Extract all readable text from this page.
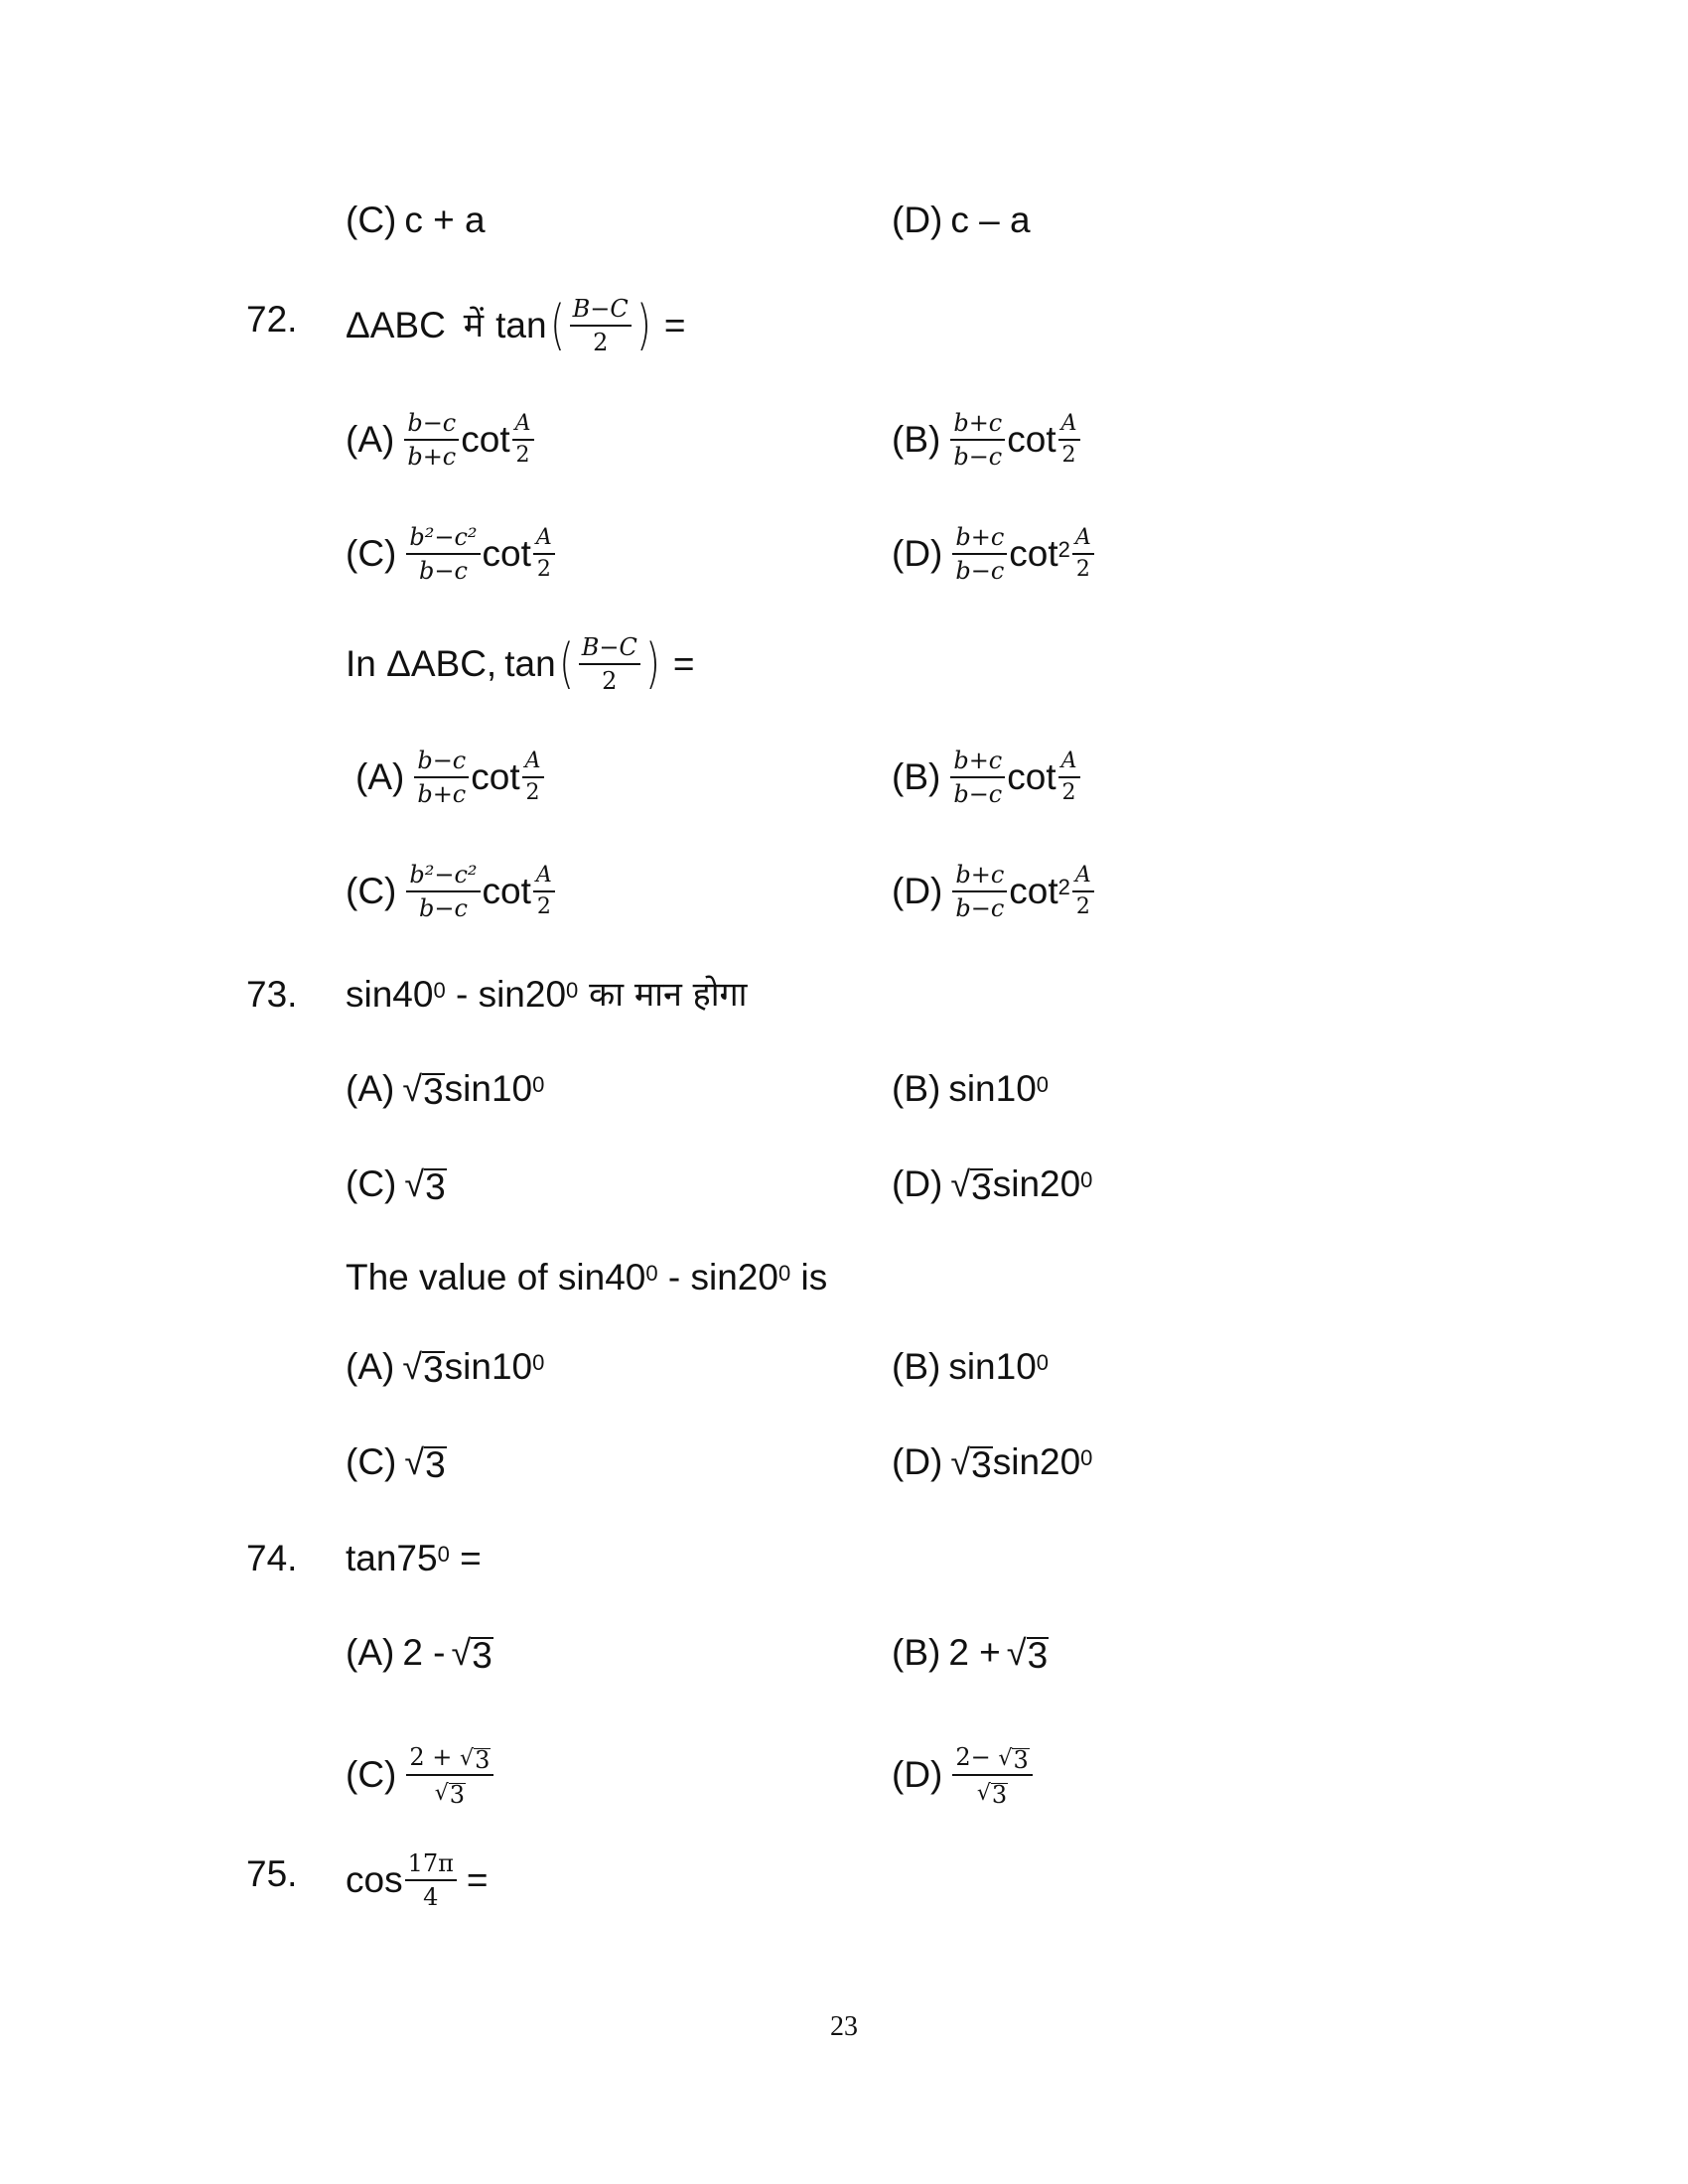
(C) c + a	(D) c – a
72. ΔABC में tan ( $\frac{B-C}{2}$ ) =
$(A) \frac{b-c}{b+c}$ $\cot \frac{A}{2}$	$(B) \frac{b+c}{b-c}$ $\cot \frac{A}{2}$
$(C) \frac{\text{b²−c²}}{b-c}$ $\cot \frac{A}{2}$	$(D) \frac{b+c}{b-c} \cot^2 \frac{A}{2}$
In ΔABC, tan ( $\frac{B-C}{2}$ ) =
$(A) \frac{b-c}{b+c}$ $\cot \frac{A}{2}$	$(B) \frac{b+c}{b-c}$ $\cot \frac{A}{2}$
$(C) \frac{\text{b²−c²}}{b-c}$ $\cot \frac{A}{2}$	$(D) \frac{b+c}{b-c} \cot^2 \frac{A}{2}$
73. $\sin 40^0 - \sin 20^0$ का मान होगा
(A) √ 3 $\sin 10^0$	(B) $\sin 10^0$
(C) √ 3	(D) √ 3 $\sin 20^0$
The value of $\sin 40^0 - \sin 20^0$ is
(A) √ 3 $\sin 10^0$	(B) $\sin 10^0$
(C) √ 3	(D) √ 3 $\sin 20^0$
74. $\tan 75^0$ =
(A) 2 - √ 3	(B) 2 + √ 3
$(C) \frac{2 + √ 3}{√ 3}$	$(D) \frac{2- √ 3}{√ 3}$
75. $\cos \frac{17\pi}{4}$ =
23
